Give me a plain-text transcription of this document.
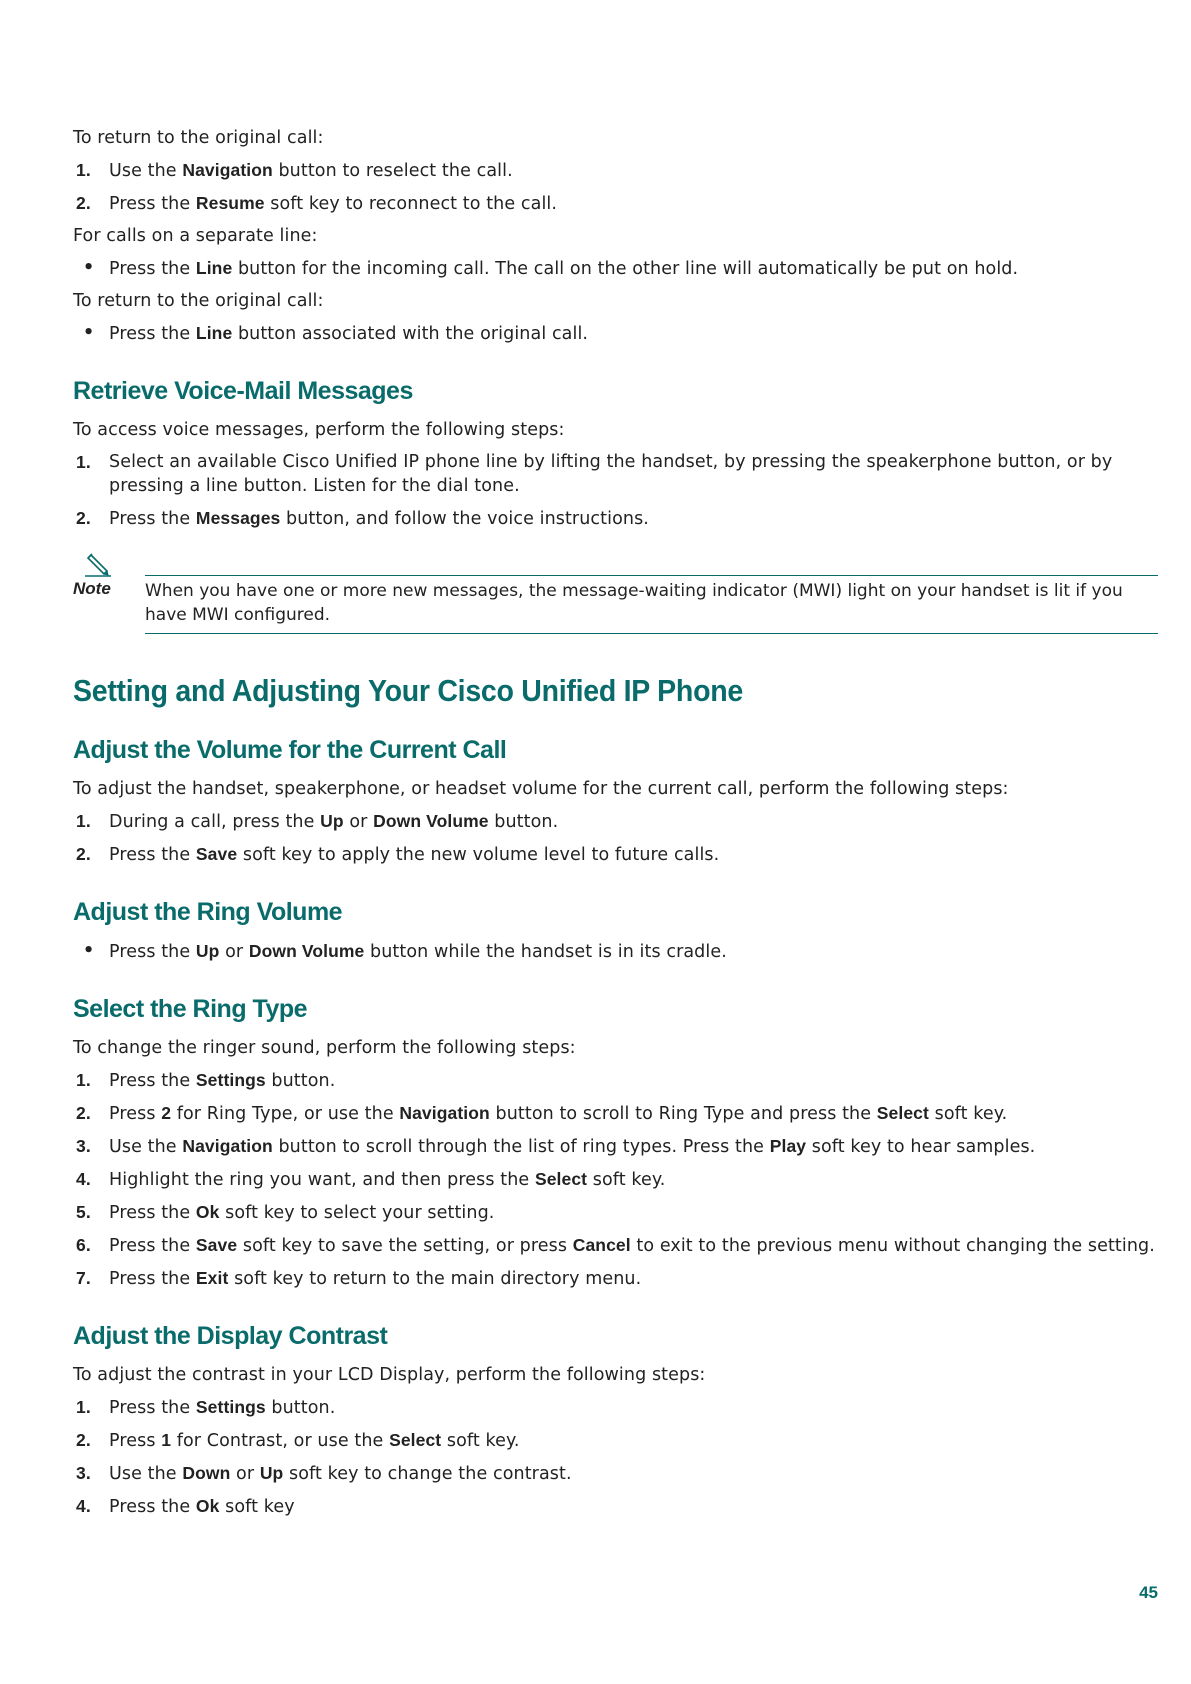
To return to the original call:

1.	Use the Navigation button to reselect the call.
2.	Press the Resume soft key to reconnect to the call.

For calls on a separate line:

• Press the Line button for the incoming call. The call on the other line will automatically be put on hold.

To return to the original call:

• Press the Line button associated with the original call.
Retrieve Voice-Mail Messages

To access voice messages, perform the following steps:

1.	Select an available Cisco Unified IP phone line by lifting the handset, by pressing the speakerphone button, or by pressing a line button. Listen for the dial tone.
2.	Press the Messages button, and follow the voice instructions.
Note When you have one or more new messages, the message-waiting indicator (MWI) light on your handset is lit if you have MWI configured.
Setting and Adjusting Your Cisco Unified IP Phone
Adjust the Volume for the Current Call

To adjust the handset, speakerphone, or headset volume for the current call, perform the following steps:

1.	During a call, press the Up or Down Volume button.
2.	Press the Save soft key to apply the new volume level to future calls.
Adjust the Ring Volume
• Press the Up or Down Volume button while the handset is in its cradle.
Select the Ring Type

To change the ringer sound, perform the following steps:

1.	Press the Settings button.
2.	Press 2 for Ring Type, or use the Navigation button to scroll to Ring Type and press the Select soft key.
3.	Use the Navigation button to scroll through the list of ring types. Press the Play soft key to hear samples.
4.	Highlight the ring you want, and then press the Select soft key.
5.	Press the Ok soft key to select your setting.
6.	Press the Save soft key to save the setting, or press Cancel to exit to the previous menu without changing the setting.
7.	Press the Exit soft key to return to the main directory menu.
Adjust the Display Contrast

To adjust the contrast in your LCD Display, perform the following steps:

1.	Press the Settings button.
2.	Press 1 for Contrast, or use the Select soft key.
3.	Use the Down or Up soft key to change the contrast.
4.	Press the Ok soft key
45
